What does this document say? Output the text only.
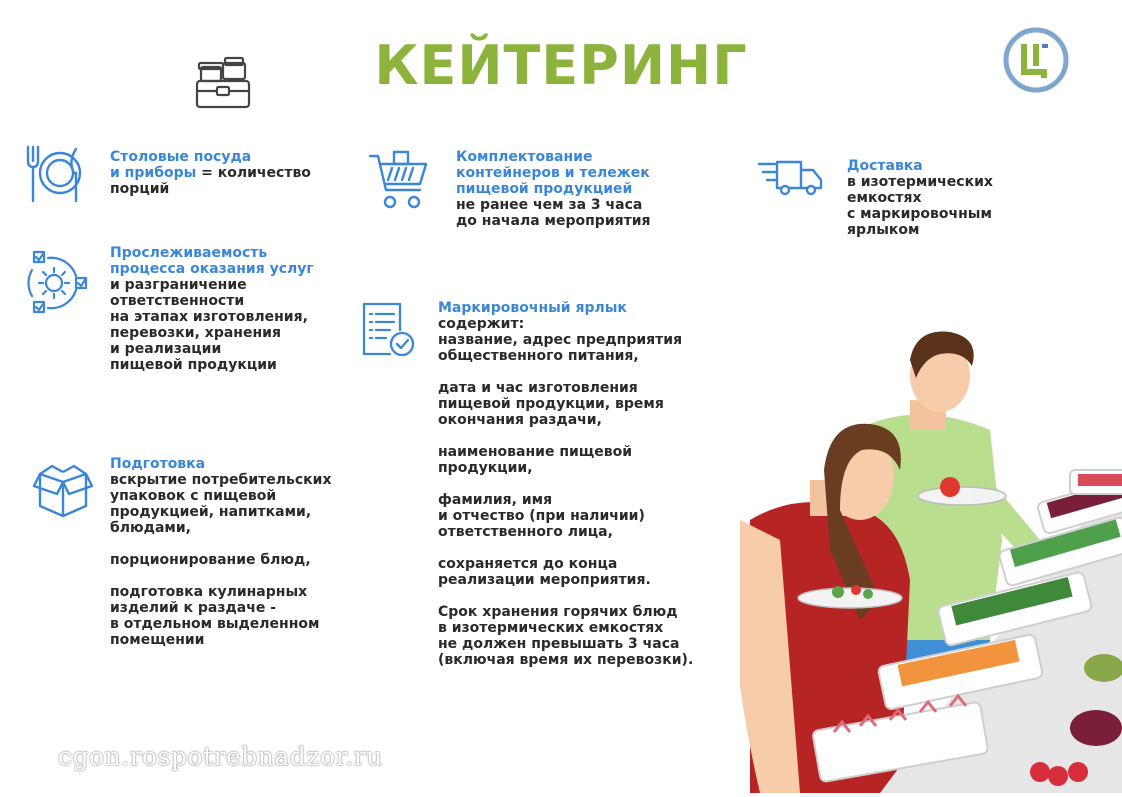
КЕЙТЕРИНГ
Столовые посуда
и приборы = количество
порций
Комплектование
контейнеров и тележек
пищевой продукцией
не ранее чем за 3 часа
до начала мероприятия
Доставка
в изотермических
емкостях
с маркировочным
ярлыком
Прослеживаемость
процесса оказания услуг
и разграничение
ответственности
на этапах изготовления,
перевозки, хранения
и реализации
пищевой продукции
Маркировочный ярлык
содержит:
название, адрес предприятия
общественного питания,
дата и час изготовления
пищевой продукции, время
окончания раздачи,
наименование пищевой
продукции,
фамилия, имя
и отчество (при наличии)
ответственного лица,
сохраняется до конца
реализации мероприятия.
Срок хранения горячих блюд
в изотермических емкостях
не должен превышать 3 часа
(включая время их перевозки).
Подготовка
вскрытие потребительских
упаковок с пищевой
продукцией, напитками,
блюдами,
порционирование блюд,
подготовка кулинарных
изделий к раздаче -
в отдельном выделенном
помещении
cgon.rospotrebnadzor.ru
